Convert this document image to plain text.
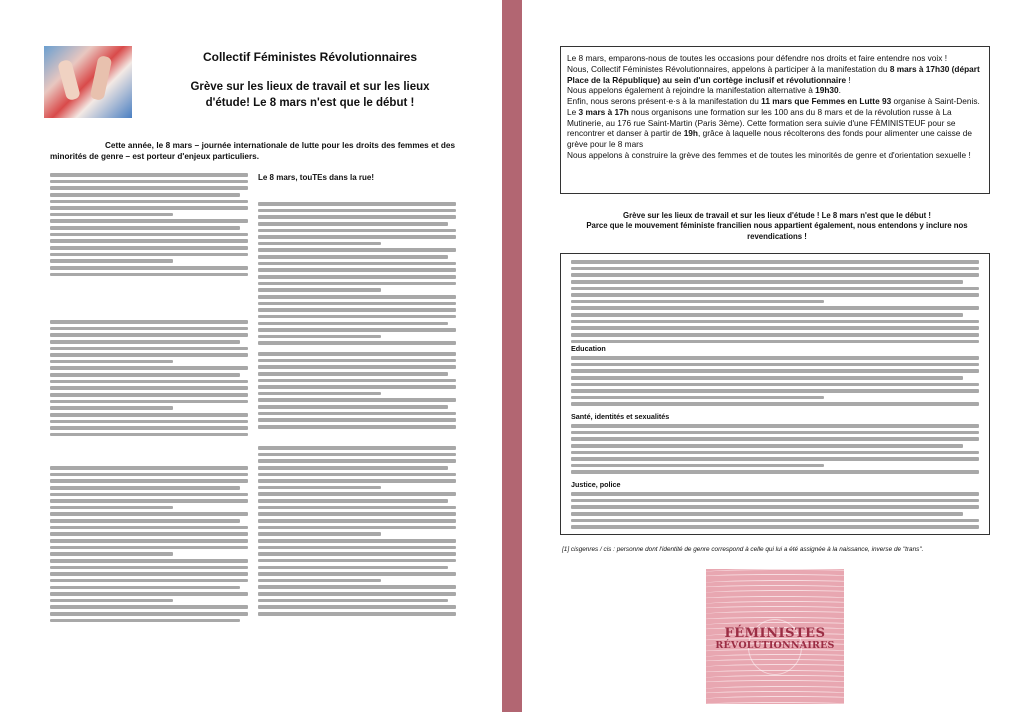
Collectif Féministes Révolutionnaires
Grève sur les lieux de travail et sur les lieux
d'étude! Le 8 mars n'est que le début !
Cette année, le 8 mars – journée internationale de lutte pour les droits des femmes et des minorités de genre – est porteur d'enjeux particuliers.
Le 8 mars, touTEs dans la rue!
Le 8 mars, emparons-nous de toutes les occasions pour défendre nos droits et faire entendre nos voix !
Nous, Collectif Féministes Révolutionnaires, appelons à participer à la manifestation du 8 mars à 17h30 (départ Place de la République) au sein d'un cortège inclusif et révolutionnaire !
Nous appelons également à rejoindre la manifestation alternative à 19h30.
Enfin, nous serons présent·e·s à la manifestation du 11 mars que Femmes en Lutte 93 organise à Saint-Denis.
Le 3 mars à 17h nous organisons une formation sur les 100 ans du 8 mars et de la révolution russe à La Mutinerie, au 176 rue Saint-Martin (Paris 3ème). Cette formation sera suivie d'une FÉMINISTEUF pour se rencontrer et danser à partir de 19h, grâce à laquelle nous récolterons des fonds pour alimenter une caisse de grève pour le 8 mars
Nous appelons à construire la grève des femmes et de toutes les minorités de genre et d'orientation sexuelle !
Grève sur les lieux de travail et sur les lieux d'étude ! Le 8 mars n'est que le début !
Parce que le mouvement féministe francilien nous appartient également, nous entendons y inclure nos revendications !
Education
Santé, identités et sexualités
Justice, police
[1] cisgenres / cis : personne dont l'identité de genre correspond à celle qui lui a été assignée à la naissance, inverse de "trans".
FÉMINISTES
RÉVOLUTIONNAIRES
